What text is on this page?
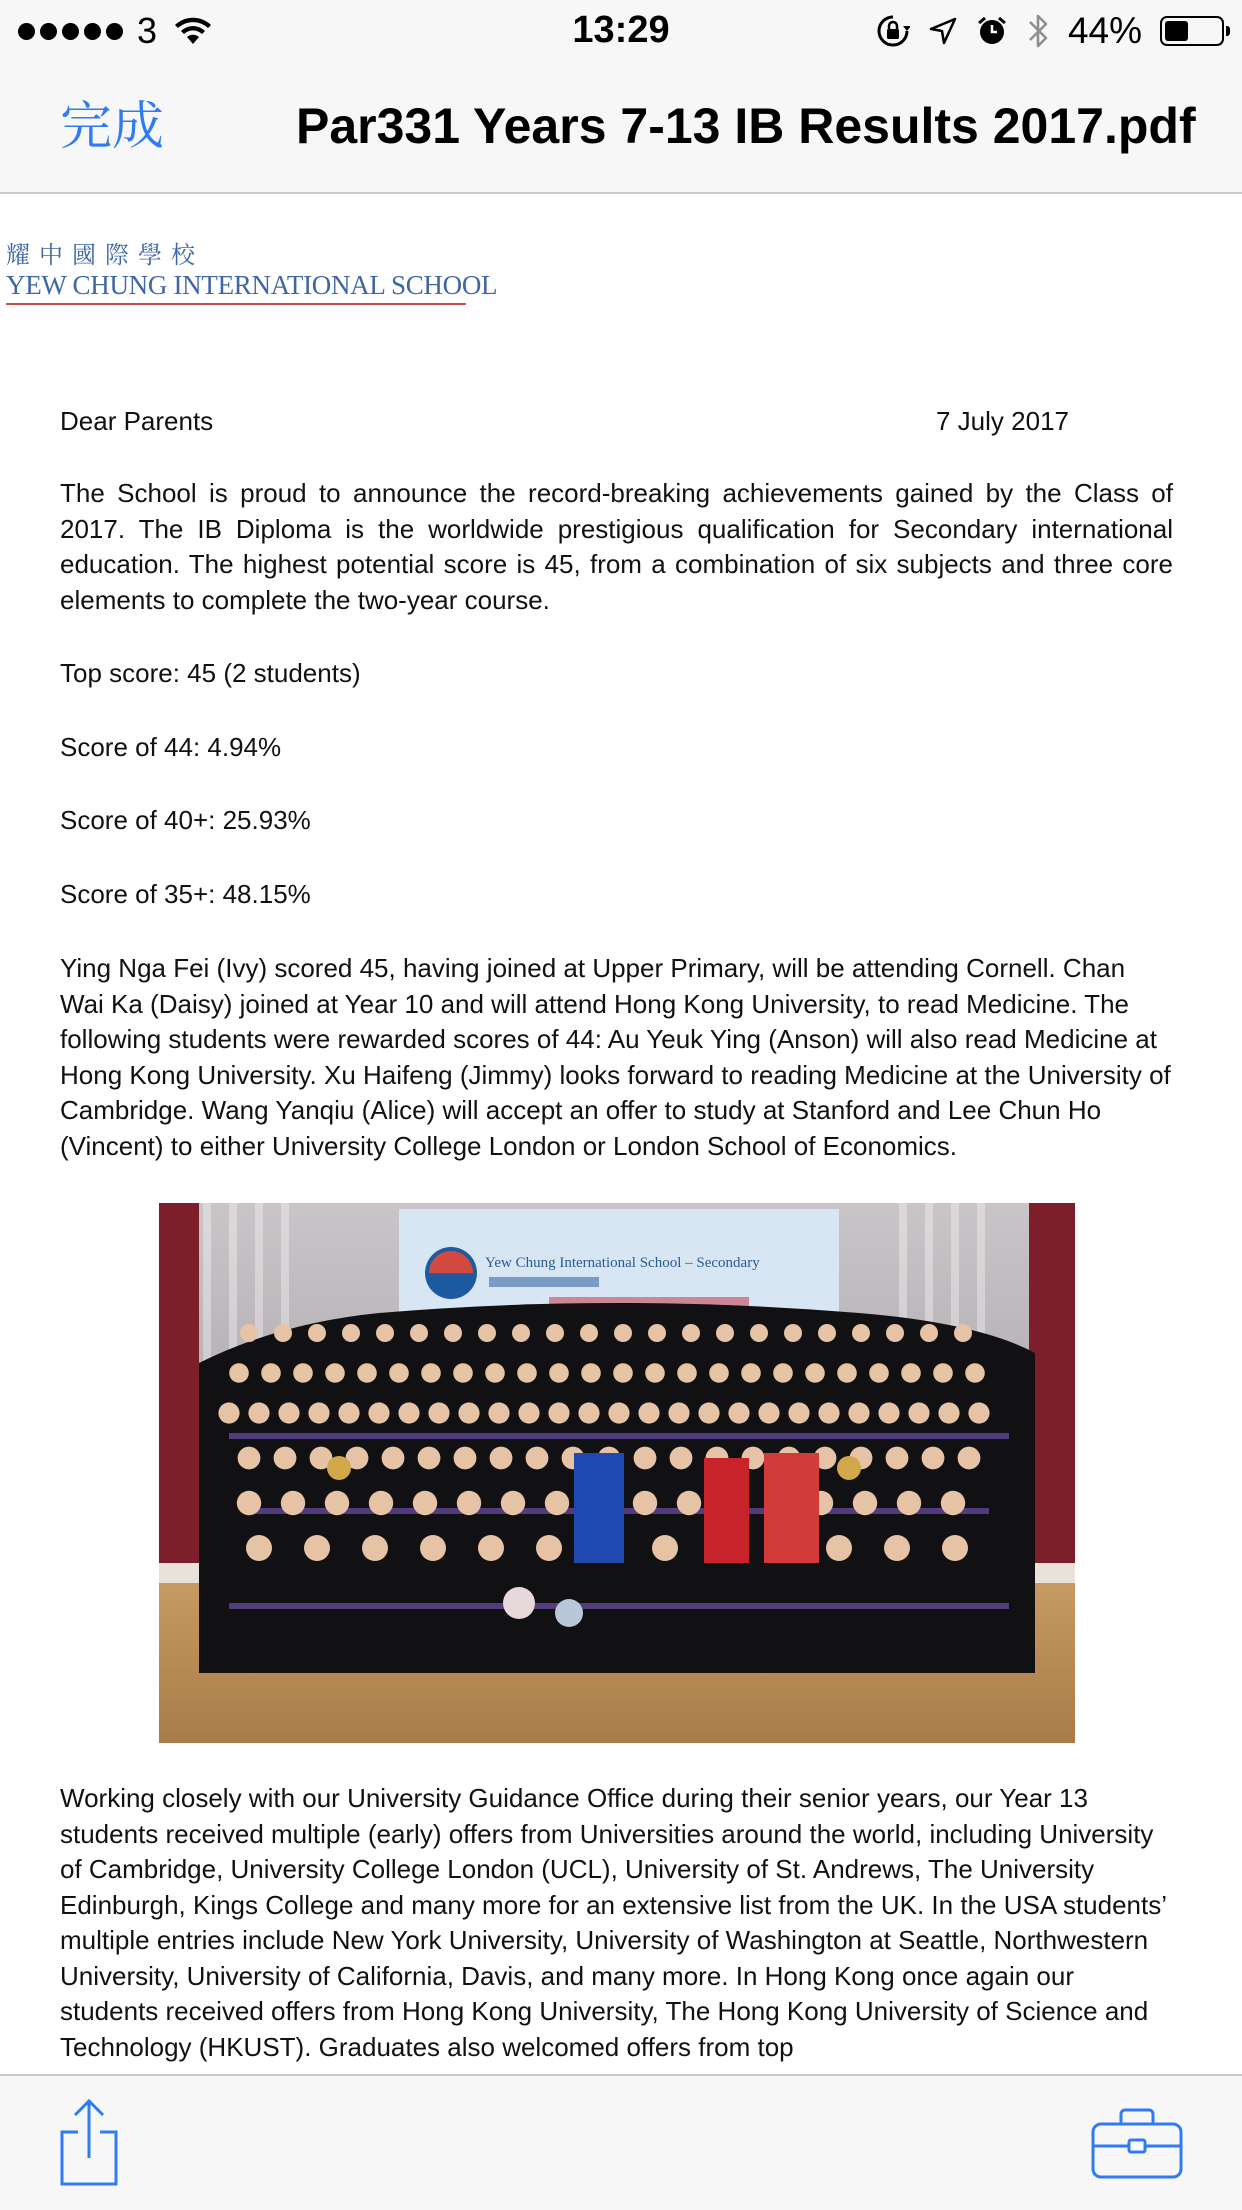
3	13:29	44%
完成	Par331 Years 7-13 IB Results 2017.pdf
耀中國際學校
YEW CHUNG INTERNATIONAL SCHOOL

Dear Parents	7 July 2017

The School is proud to announce the record-breaking achievements gained by the Class of 2017. The IB Diploma is the worldwide prestigious qualification for Secondary international education. The highest potential score is 45, from a combination of six subjects and three core elements to complete the two-year course.

Top score: 45 (2 students)

Score of 44: 4.94%

Score of 40+: 25.93%

Score of 35+: 48.15%

Ying Nga Fei (Ivy) scored 45, having joined at Upper Primary, will be attending Cornell. Chan Wai Ka (Daisy) joined at Year 10 and will attend Hong Kong University, to read Medicine. The following students were rewarded scores of 44: Au Yeuk Ying (Anson) will also read Medicine at Hong Kong University. Xu Haifeng (Jimmy) looks forward to reading Medicine at the University of Cambridge. Wang Yanqiu (Alice) will accept an offer to study at Stanford and Lee Chun Ho (Vincent) to either University College London or London School of Economics.

Yew Chung International School – Secondary

Working closely with our University Guidance Office during their senior years, our Year 13 students received multiple (early) offers from Universities around the world, including University of Cambridge, University College London (UCL), University of St. Andrews, The University Edinburgh, Kings College and many more for an extensive list from the UK. In the USA students’ multiple entries include New York University, University of Washington at Seattle, Northwestern University, University of California, Davis, and many more. In Hong Kong once again our students received offers from Hong Kong University, The Hong Kong University of Science and Technology (HKUST). Graduates also welcomed offers from top
